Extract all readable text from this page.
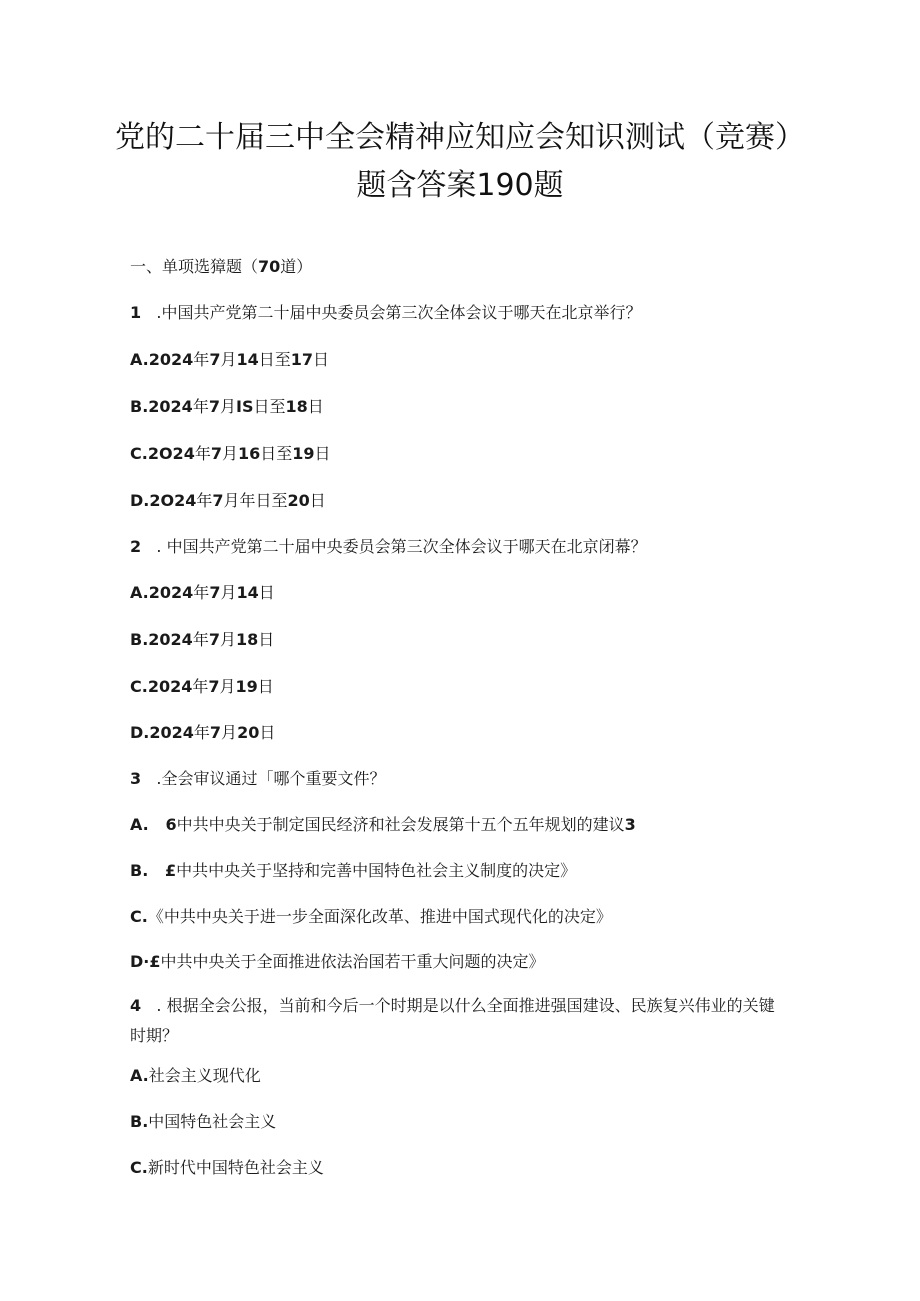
党的二十届三中全会精神应知应会知识测试（竞赛）
题含答案190题
一、单项选獐题（70道）
1   .中国共产党第二十届中央委员会第三次全体会议于哪天在北京举行？
A.2024年7月14日至17日
B.2024年7月IS日至18日
C.2O24年7月16日至19日
D.2O24年7月年日至20日
2   . 中国共产党第二十届中央委员会第三次全体会议于哪天在北京闭幕？
A.2024年7月14日
B.2024年7月18日
C.2024年7月19日
D.2024年7月20日
3   .全会审议通过「哪个重要文件？
A.   6中共中央关于制定国民经济和社会发展第十五个五年规划的建议3
B.   £中共中央关于坚持和完善中国特色社会主义制度的决定》
C.《中共中央关于进一步全面深化改革、推进中国式现代化的决定》
D·£中共中央关于全面推进依法治国若干重大问题的决定》
4   . 根据全会公报，当前和今后一个时期是以什么全面推进强国建设、民族复兴伟业的关键时期？
A.社会主义现代化
B.中国特色社会主义
C.新时代中国特色社会主义
